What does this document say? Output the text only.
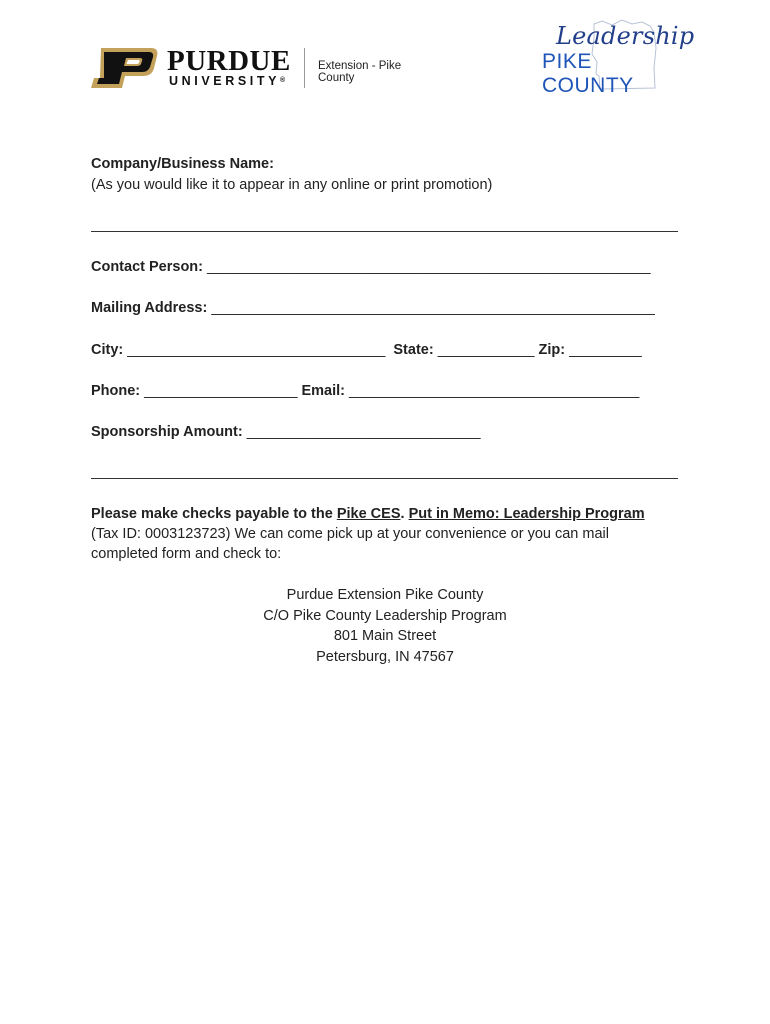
PURDUE
UNIVERSITY®
Extension - Pike County
Leadership
PIKE COUNTY
Company/Business Name:
(As you would like it to appear in any online or print promotion)
Contact Person: _______________________________________________________
Mailing Address: _______________________________________________________
City: ________________________________ State: ____________ Zip: _________
Phone: ___________________ Email: ____________________________________
Sponsorship Amount: _____________________________
Please make checks payable to the Pike CES. Put in Memo: Leadership Program
(Tax ID: 0003123723) We can come pick up at your convenience or you can mail
completed form and check to:
Purdue Extension Pike County
C/O Pike County Leadership Program
801 Main Street
Petersburg, IN 47567
